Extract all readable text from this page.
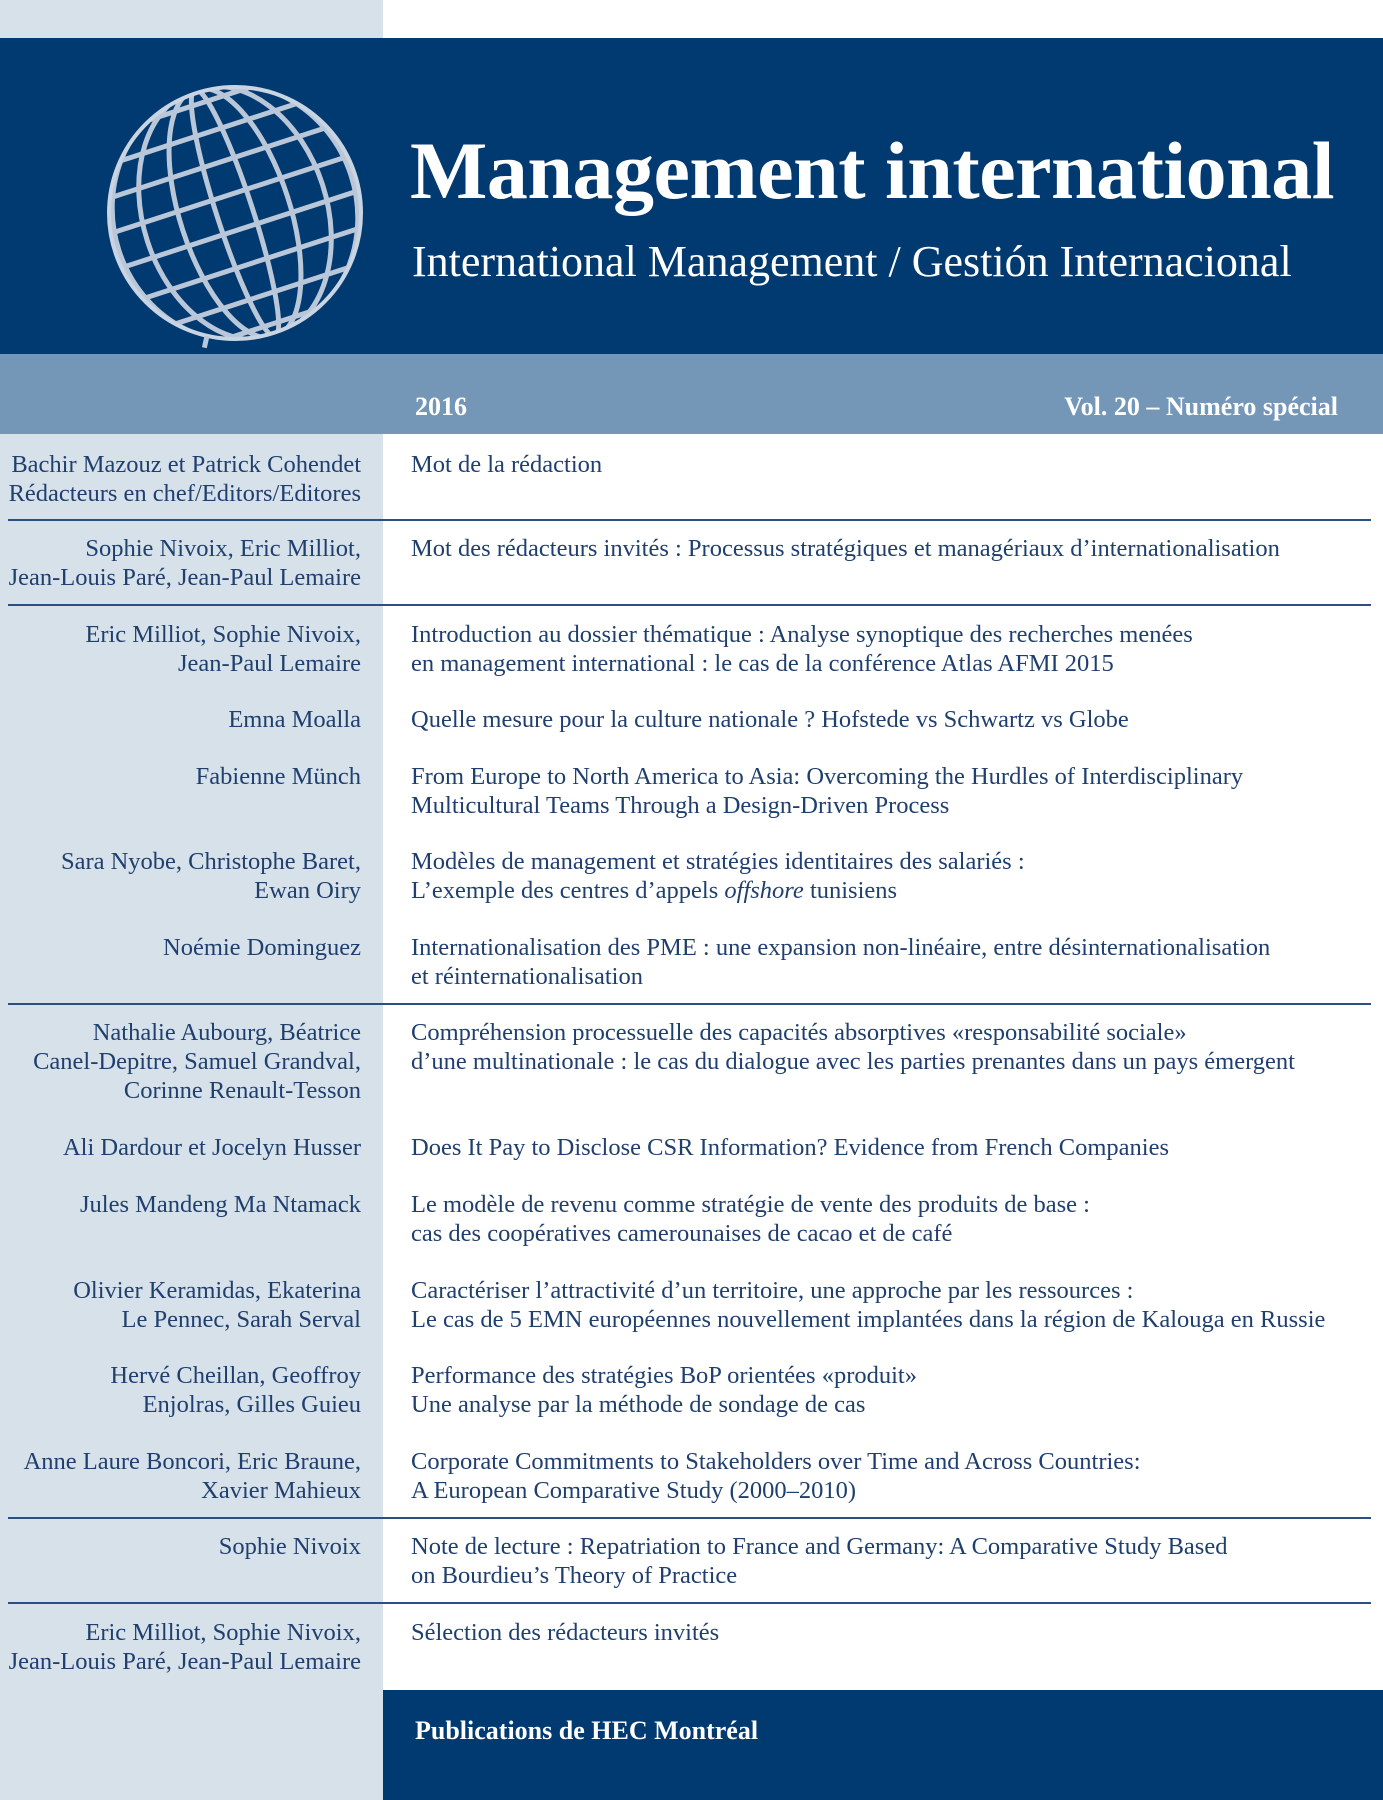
Management international
International Management / Gestión Internacional
2016	Vol. 20 – Numéro spécial
Bachir Mazouz et Patrick Cohendet
Rédacteurs en chef/Editors/Editores
Mot de la rédaction
Sophie Nivoix, Eric Milliot,
Jean-Louis Paré, Jean-Paul Lemaire
Mot des rédacteurs invités : Processus stratégiques et managériaux d’internationalisation
Eric Milliot, Sophie Nivoix,
Jean-Paul Lemaire
Introduction au dossier thématique : Analyse synoptique des recherches menées
en management international : le cas de la conférence Atlas AFMI 2015
Emna Moalla Quelle mesure pour la culture nationale ? Hofstede vs Schwartz vs Globe
Fabienne Münch From Europe to North America to Asia: Overcoming the Hurdles of Interdisciplinary
Multicultural Teams Through a Design-Driven Process
Sara Nyobe, Christophe Baret,
Ewan Oiry
Modèles de management et stratégies identitaires des salariés :
L’exemple des centres d’appels offshore tunisiens
Noémie Dominguez Internationalisation des PME : une expansion non-linéaire, entre désinternationalisation
et réinternationalisation
Nathalie Aubourg, Béatrice
Canel-Depitre, Samuel Grandval,
Corinne Renault-Tesson
Compréhension processuelle des capacités absorptives «responsabilité sociale»
d’une multinationale : le cas du dialogue avec les parties prenantes dans un pays émergent
Ali Dardour et Jocelyn Husser Does It Pay to Disclose CSR Information? Evidence from French Companies
Jules Mandeng Ma Ntamack Le modèle de revenu comme stratégie de vente des produits de base :
cas des coopératives camerounaises de cacao et de café
Olivier Keramidas, Ekaterina
Le Pennec, Sarah Serval
Caractériser l’attractivité d’un territoire, une approche par les ressources :
Le cas de 5 EMN européennes nouvellement implantées dans la région de Kalouga en Russie
Hervé Cheillan, Geoffroy
Enjolras, Gilles Guieu
Performance des stratégies BoP orientées «produit»
Une analyse par la méthode de sondage de cas
Anne Laure Boncori, Eric Braune,
Xavier Mahieux
Corporate Commitments to Stakeholders over Time and Across Countries:
A European Comparative Study (2000–2010)
Sophie Nivoix Note de lecture : Repatriation to France and Germany: A Comparative Study Based
on Bourdieu’s Theory of Practice
Eric Milliot, Sophie Nivoix,
Jean-Louis Paré, Jean-Paul Lemaire
Sélection des rédacteurs invités
Publications de HEC Montréal
